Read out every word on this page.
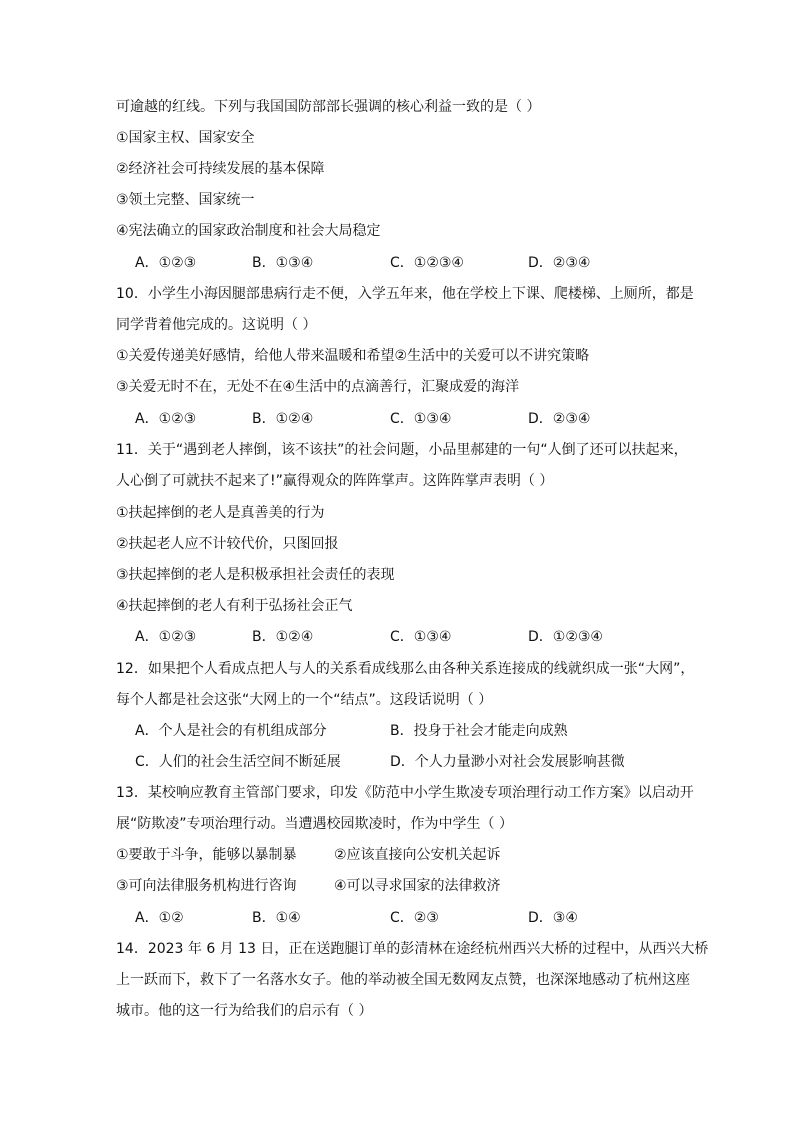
可逾越的红线。下列与我国国防部部长强调的核心利益一致的是（ ）
①国家主权、国家安全
②经济社会可持续发展的基本保障
③领土完整、国家统一
④宪法确立的国家政治制度和社会大局稳定
A．①②③	B．①③④	C．①②③④	D．②③④
10．小学生小海因腿部患病行走不便，入学五年来，他在学校上下课、爬楼梯、上厕所，都是
同学背着他完成的。这说明（ ）
①关爱传递美好感情，给他人带来温暖和希望②生活中的关爱可以不讲究策略
③关爱无时不在，无处不在④生活中的点滴善行，汇聚成爱的海洋
A．①②③	B．①②④	C．①③④	D．②③④
11．关于“遇到老人摔倒，该不该扶”的社会问题，小品里郝建的一句“人倒了还可以扶起来，
人心倒了可就扶不起来了!”赢得观众的阵阵掌声。这阵阵掌声表明（ ）
①扶起摔倒的老人是真善美的行为
②扶起老人应不计较代价，只图回报
③扶起摔倒的老人是积极承担社会责任的表现
④扶起摔倒的老人有利于弘扬社会正气
A．①②③	B．①②④	C．①③④	D．①②③④
12．如果把个人看成点把人与人的关系看成线那么由各种关系连接成的线就织成一张“大网”，
每个人都是社会这张“大网上的一个“结点”。这段话说明（ ）
A．个人是社会的有机组成部分	B．投身于社会才能走向成熟
C．人们的社会生活空间不断延展	D．个人力量渺小对社会发展影响甚微
13．某校响应教育主管部门要求，印发《防范中小学生欺凌专项治理行动工作方案》以启动开
展“防欺凌”专项治理行动。当遭遇校园欺凌时，作为中学生（ ）
①要敢于斗争，能够以暴制暴	②应该直接向公安机关起诉
③可向法律服务机构进行咨询	④可以寻求国家的法律救济
A．①②	B．①④	C．②③	D．③④
14．2023 年 6 月 13 日，正在送跑腿订单的彭清林在途经杭州西兴大桥的过程中，从西兴大桥
上一跃而下，救下了一名落水女子。他的举动被全国无数网友点赞，也深深地感动了杭州这座
城市。他的这一行为给我们的启示有（ ）
